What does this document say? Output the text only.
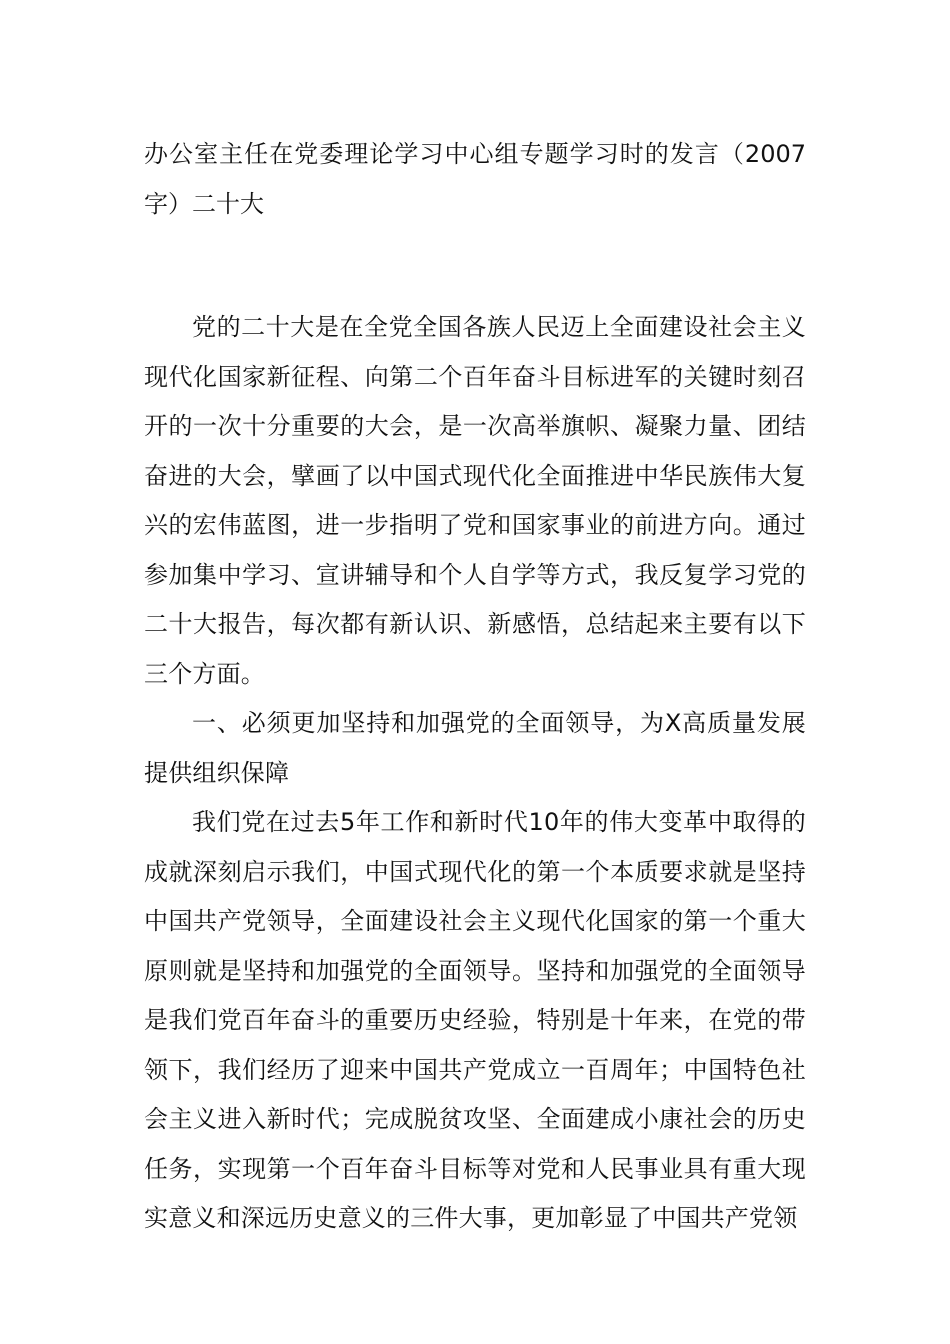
办公室主任在党委理论学习中心组专题学习时的发言（2007字）二十大

党的二十大是在全党全国各族人民迈上全面建设社会主义现代化国家新征程、向第二个百年奋斗目标进军的关键时刻召开的一次十分重要的大会，是一次高举旗帜、凝聚力量、团结奋进的大会，擘画了以中国式现代化全面推进中华民族伟大复兴的宏伟蓝图，进一步指明了党和国家事业的前进方向。通过参加集中学习、宣讲辅导和个人自学等方式，我反复学习党的二十大报告，每次都有新认识、新感悟，总结起来主要有以下三个方面。

一、必须更加坚持和加强党的全面领导，为X高质量发展提供组织保障

我们党在过去5年工作和新时代10年的伟大变革中取得的成就深刻启示我们，中国式现代化的第一个本质要求就是坚持中国共产党领导，全面建设社会主义现代化国家的第一个重大原则就是坚持和加强党的全面领导。坚持和加强党的全面领导是我们党百年奋斗的重要历史经验，特别是十年来，在党的带领下，我们经历了迎来中国共产党成立一百周年；中国特色社会主义进入新时代；完成脱贫攻坚、全面建成小康社会的历史任务，实现第一个百年奋斗目标等对党和人民事业具有重大现实意义和深远历史意义的三件大事，更加彰显了中国共产党领
